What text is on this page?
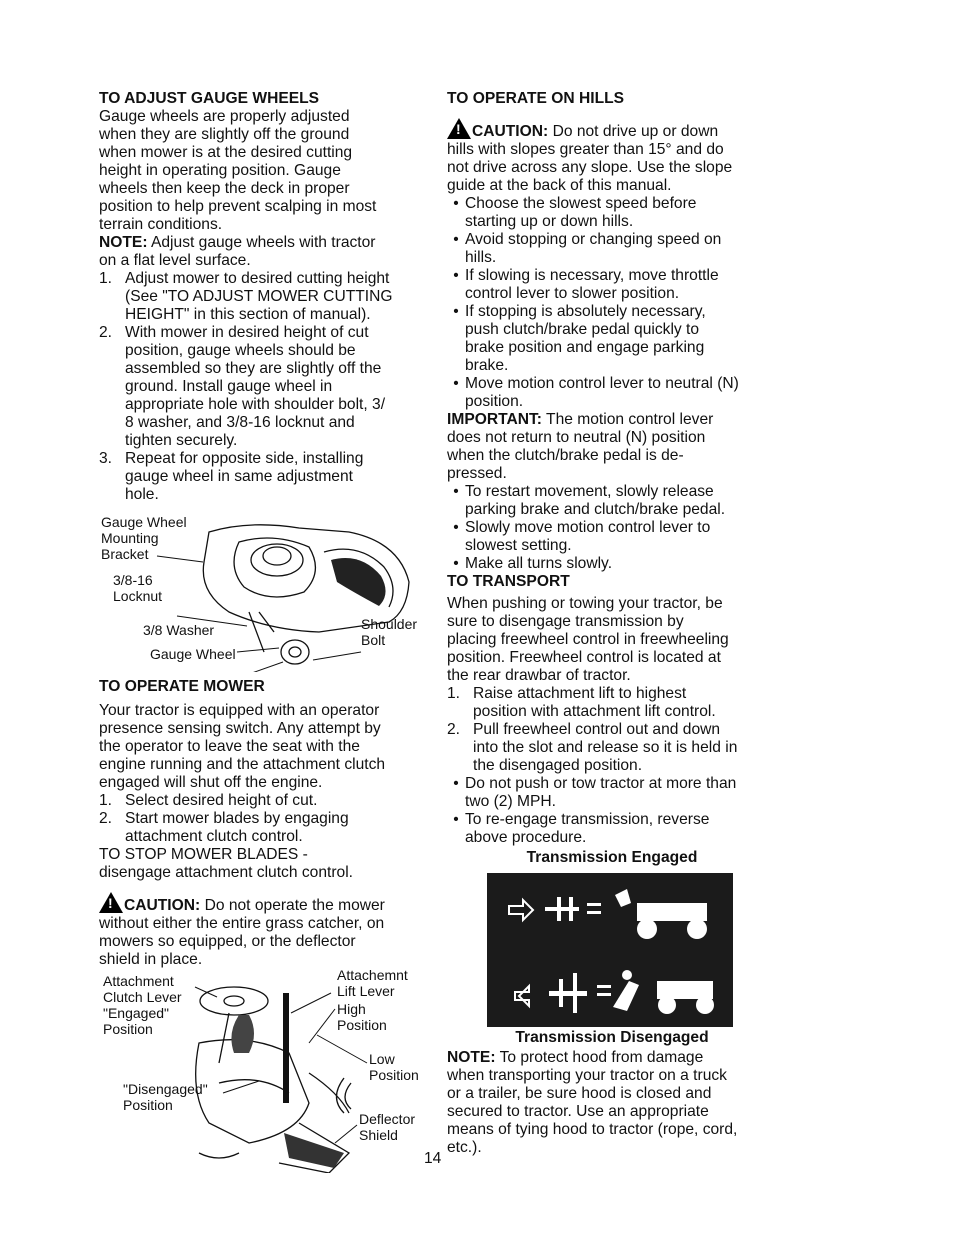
TO ADJUST GAUGE WHEELS
Gauge wheels are properly adjusted
when they are slightly off the ground
when mower is at the desired cutting
height in operating position. Gauge
wheels then keep the deck in proper
position to help prevent scalping in most
terrain conditions.
NOTE: Adjust gauge wheels with tractor
on a flat level surface.
1. Adjust mower to desired cutting height
(See "TO ADJUST MOWER CUTTING
HEIGHT" in this section of manual).
2. With mower in desired height of cut
position, gauge wheels should be
assembled so they are slightly off the
ground. Install gauge wheel in
appropriate hole with shoulder bolt, 3/
8 washer, and 3/8-16 locknut and
tighten securely.
3. Repeat for opposite side, installing
gauge wheel in same adjustment
hole.
Gauge Wheel
Mounting
Bracket
3/8-16
Locknut
3/8 Washer
Gauge Wheel
Shoulder
Bolt
TO OPERATE MOWER
Your tractor is equipped with an operator
presence sensing switch. Any attempt by
the operator to leave the seat with the
engine running and the attachment clutch
engaged will shut off the engine.
1. Select desired height of cut.
2. Start mower blades by engaging
attachment clutch control.
TO STOP MOWER BLADES -
disengage attachment clutch control.
!CAUTION: Do not operate the mower
without either the entire grass catcher, on
mowers so equipped, or the deflector
shield in place.
Attachment
Clutch Lever
"Engaged"
Position
Attachemnt
Lift Lever
High
Position
Low
Position
"Disengaged"
Position
Deflector
Shield
TO OPERATE ON HILLS
!CAUTION: Do not drive up or down
hills with slopes greater than 15° and do
not drive across any slope. Use the slope
guide at the back of this manual.
• Choose the slowest speed before
starting up or down hills.
• Avoid stopping or changing speed on
hills.
• If slowing is necessary, move throttle
control lever to slower position.
• If stopping is absolutely necessary,
push clutch/brake pedal quickly to
brake position and engage parking
brake.
• Move motion control lever to neutral (N)
position.
IMPORTANT: The motion control lever
does not return to neutral (N) position
when the clutch/brake pedal is de-
pressed.
• To restart movement, slowly release
parking brake and clutch/brake pedal.
• Slowly move motion control lever to
slowest setting.
• Make all turns slowly.
TO TRANSPORT
When pushing or towing your tractor, be
sure to disengage transmission by
placing freewheel control in freewheeling
position. Freewheel control is located at
the rear drawbar of tractor.
1. Raise attachment lift to highest
position with attachment lift control.
2. Pull freewheel control out and down
into the slot and release so it is held in
the disengaged position.
• Do not push or tow tractor at more than
two (2) MPH.
• To re-engage transmission, reverse
above procedure.
Transmission Engaged
Transmission Disengaged
NOTE: To protect hood from damage
when transporting your tractor on a truck
or a trailer, be sure hood is closed and
secured to tractor. Use an appropriate
means of tying hood to tractor (rope, cord,
etc.).
14
